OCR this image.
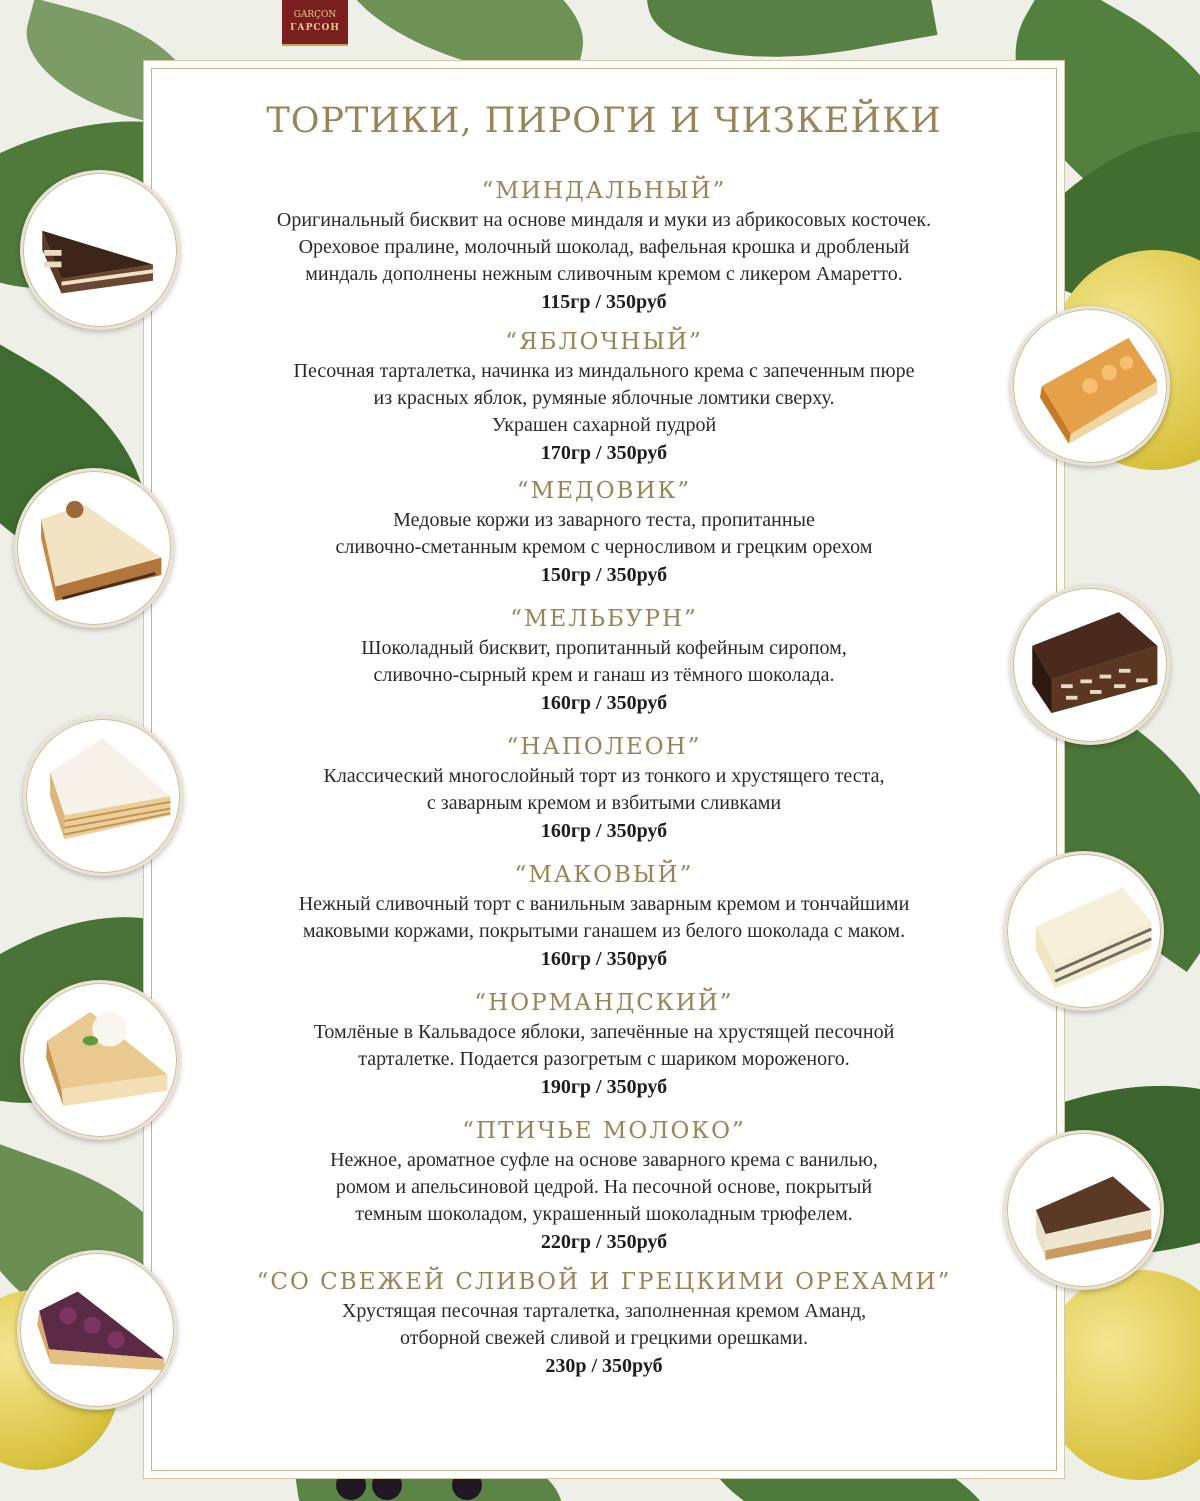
GARÇON
ГАРСОН
ТОРТИКИ, ПИРОГИ И ЧИЗКЕЙКИ
“МИНДАЛЬНЫЙ”
Оригинальный бисквит на основе миндаля и муки из абрикосовых косточек.
Ореховое пралине, молочный шоколад, вафельная крошка и дробленый
миндаль дополнены нежным сливочным кремом с ликером Амаретто.
115гр / 350руб
“ЯБЛОЧНЫЙ”
Песочная тарталетка, начинка из миндального крема с запеченным пюре
из красных яблок, румяные яблочные ломтики сверху.
Украшен сахарной пудрой
170гр / 350руб
“МЕДОВИК”
Медовые коржи из заварного теста, пропитанные
сливочно-сметанным кремом с черносливом и грецким орехом
150гр / 350руб
“МЕЛЬБУРН”
Шоколадный бисквит, пропитанный кофейным сиропом,
сливочно-сырный крем и ганаш из тёмного шоколада.
160гр / 350руб
“НАПОЛЕОН”
Классический многослойный торт из тонкого и хрустящего теста,
с заварным кремом и взбитыми сливками
160гр / 350руб
“МАКОВЫЙ”
Нежный сливочный торт с ванильным заварным кремом и тончайшими
маковыми коржами, покрытыми ганашем из белого шоколада с маком.
160гр / 350руб
“НОРМАНДСКИЙ”
Томлёные в Кальвадосе яблоки, запечённые на хрустящей песочной
тарталетке. Подается разогретым с шариком мороженого.
190гр / 350руб
“ПТИЧЬЕ МОЛОКО”
Нежное, ароматное суфле на основе заварного крема с ванилью,
ромом и апельсиновой цедрой. На песочной основе, покрытый
темным шоколадом, украшенный шоколадным трюфелем.
220гр / 350руб
“СО СВЕЖЕЙ СЛИВОЙ И ГРЕЦКИМИ ОРЕХАМИ”
Хрустящая песочная тарталетка, заполненная кремом Аманд,
отборной свежей сливой и грецкими орешками.
230р / 350руб
